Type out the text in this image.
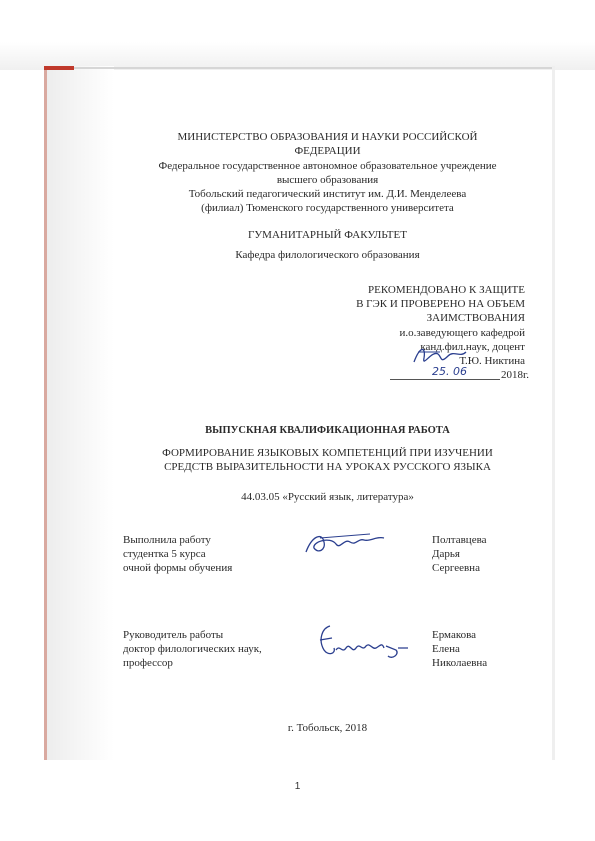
МИНИСТЕРСТВО ОБРАЗОВАНИЯ И НАУКИ РОССИЙСКОЙ
ФЕДЕРАЦИИ
Федеральное государственное автономное образовательное учреждение
высшего образования
Тобольский педагогический институт им. Д.И. Менделеева
(филиал) Тюменского государственного университета
ГУМАНИТАРНЫЙ ФАКУЛЬТЕТ
Кафедра филологического образования
РЕКОМЕНДОВАНО К ЗАЩИТЕ
В ГЭК И ПРОВЕРЕНО НА ОБЪЕМ
ЗАИМСТВОВАНИЯ
и.о.заведующего кафедрой
канд.фил.наук, доцент
Т.Ю. Никтина
25. 06	2018г.
ВЫПУСКНАЯ КВАЛИФИКАЦИОННАЯ РАБОТА
ФОРМИРОВАНИЕ ЯЗЫКОВЫХ КОМПЕТЕНЦИЙ ПРИ ИЗУЧЕНИИ
СРЕДСТВ ВЫРАЗИТЕЛЬНОСТИ НА УРОКАХ РУССКОГО ЯЗЫКА
44.03.05 «Русский язык, литература»
Выполнила работу
студентка 5 курса
очной формы обучения
Полтавцева
Дарья
Сергеевна
Руководитель работы
доктор филологических наук,
профессор
Ермакова
Елена
Николаевна
г. Тобольск, 2018
1
